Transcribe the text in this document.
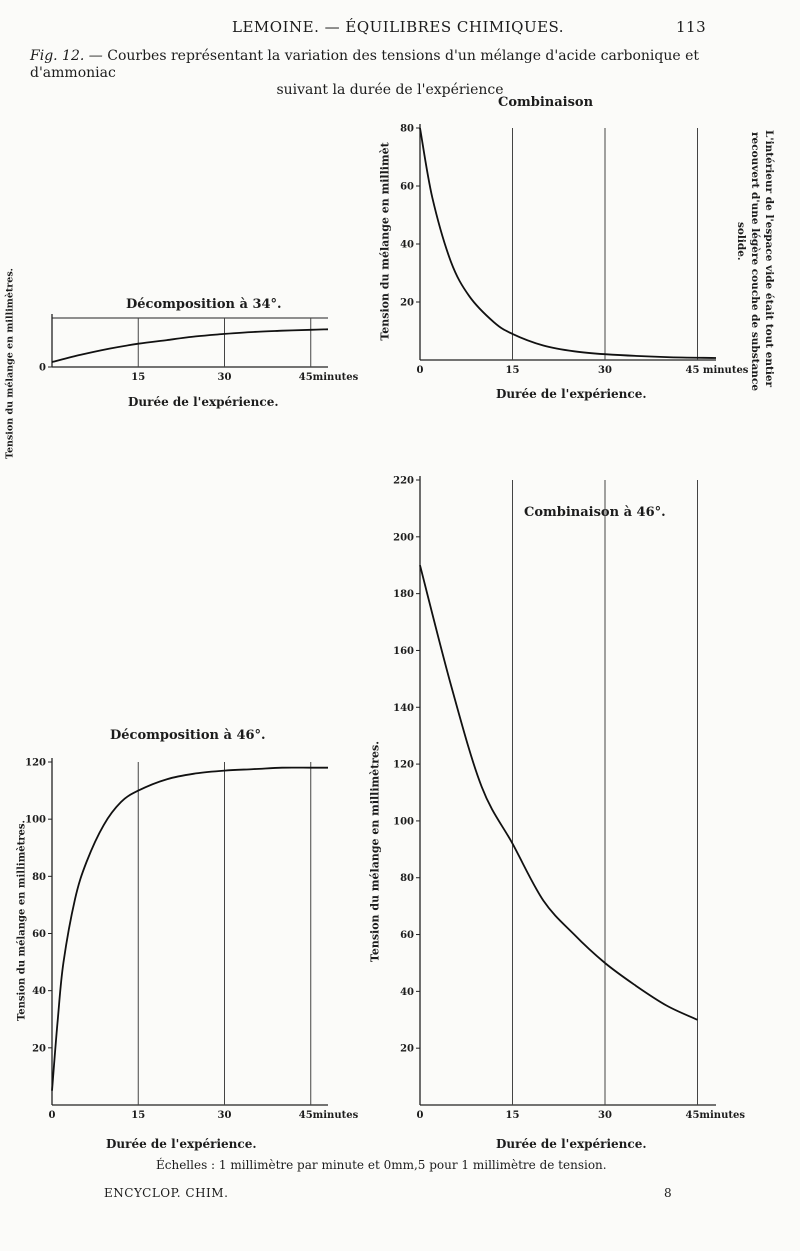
LEMOINE. — ÉQUILIBRES CHIMIQUES.	113
Fig. 12. — Courbes représentant la variation des tensions d'un mélange d'acide carbonique et d'ammoniac
suivant la durée de l'expérience
Combinaison
Décomposition à 34°.
Combinaison à 46°.
Décomposition à 46°.
Durée de l'expérience.
Durée de l'expérience.
Durée de l'expérience.
Durée de l'expérience.
Tension du mélange en millimèt
Tension du mélange en millimètres.
Tension du mélange en millimètres.
Tension du mélange en millimètres.
L'intérieur de l'espace vide était tout entier
recouvert d'une légère couche de substance
solide.
20
40
60
80
0	15	30	45 minutes
0
15	30	45minutes
20
40
60
80
100
120
140
160
180
200
220
0	15	30	45minutes
20
40
60
80
100
120
0	15	30	45minutes
Échelles : 1 millimètre par minute et 0mm,5 pour 1 millimètre de tension.
ENCYCLOP. CHIM.	8
